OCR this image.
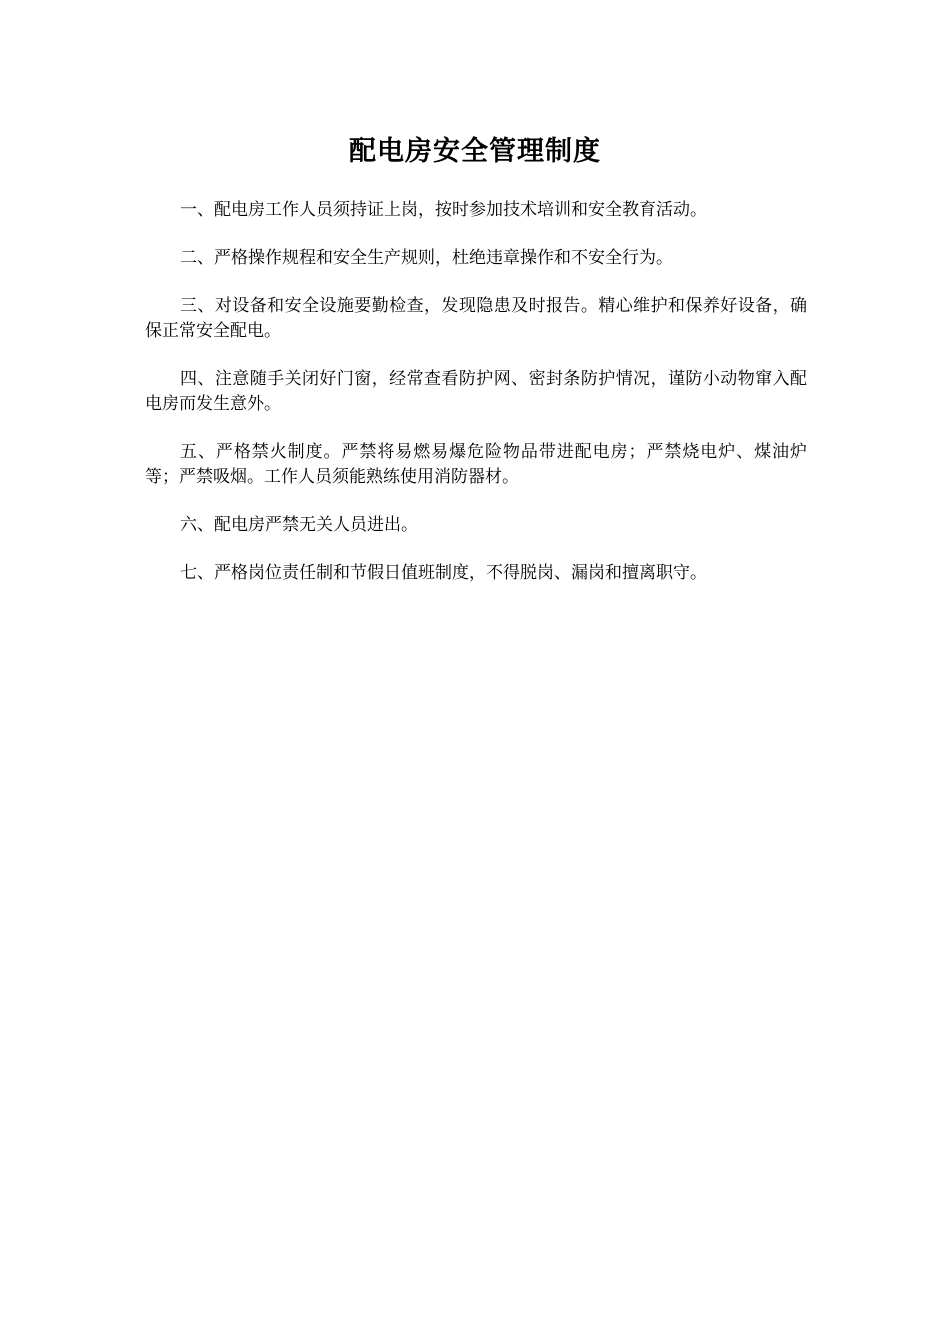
配电房安全管理制度

一、配电房工作人员须持证上岗，按时参加技术培训和安全教育活动。

二、严格操作规程和安全生产规则，杜绝违章操作和不安全行为。

三、对设备和安全设施要勤检查，发现隐患及时报告。精心维护和保养好设备，确保正常安全配电。

四、注意随手关闭好门窗，经常查看防护网、密封条防护情况，谨防小动物窜入配电房而发生意外。

五、严格禁火制度。严禁将易燃易爆危险物品带进配电房；严禁烧电炉、煤油炉等；严禁吸烟。工作人员须能熟练使用消防器材。

六、配电房严禁无关人员进出。

七、严格岗位责任制和节假日值班制度，不得脱岗、漏岗和擅离职守。
